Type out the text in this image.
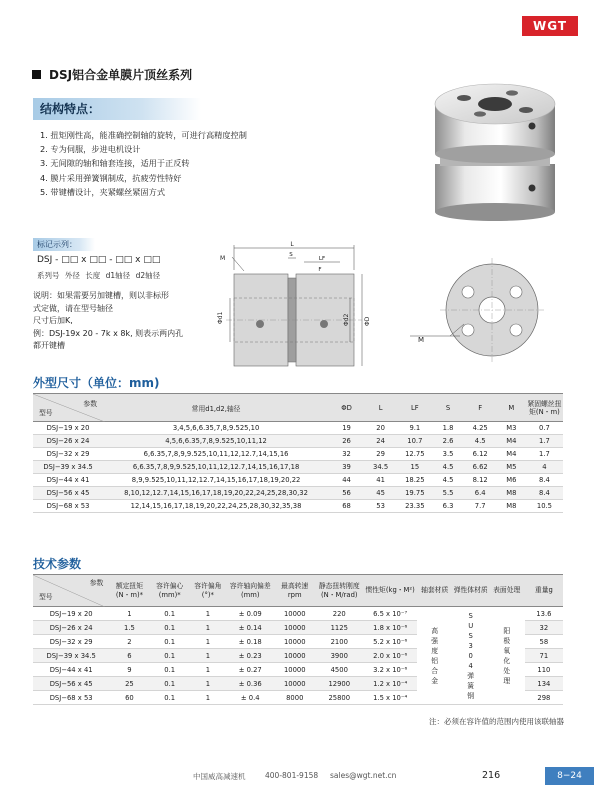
WGT
DSJ铝合金单膜片顶丝系列
结构特点：
1. 扭矩刚性高，能准确控制轴的旋转，可进行高精度控制
2. 专为伺服，步进电机设计
3. 无间隙的轴和轴套连接，适用于正反转
4. 膜片采用弹簧钢制成，抗疲劳性特好
5. 带键槽设计，夹紧螺丝紧固方式
标记示列：
DSJ - □□ x □□ - □□ x □□
系列号 外径 长度 d1轴径 d2轴径
说明：如果需要另加键槽，则以非标形
式定做，请在型号轴径
尺寸后加K,
例：DSJ-19x 20 - 7k x 8k, 则表示两内孔
都开键槽
L
S
LF
F
M
Φd1	Φd2 ΦD
M
外型尺寸（单位：mm)
参数
型号	常用d1,d2,轴径	ΦD	L	LF	S	F	M	紧固螺丝扭矩(N・m)
DSJ−19 x 20	3,4,5,6,6.35,7,8,9.525,10	19	20	9.1	1.8	4.25	M3	0.7
DSJ−26 x 24	4,5,6,6.35,7,8,9.525,10,11,12	26	24	10.7	2.6	4.5	M4	1.7
DSJ−32 x 29	6,6.35,7,8,9,9.525,10,11,12,12.7,14,15,16	32	29	12.75	3.5	6.12	M4	1.7
DSJ−39 x 34.5	6,6.35,7,8,9,9.525,10,11,12,12.7,14,15,16,17,18	39	34.5	15	4.5	6.62	M5	4
DSJ−44 x 41	8,9,9.525,10,11,12,12.7,14,15,16,17,18,19,20,22	44	41	18.25	4.5	8.12	M6	8.4
DSJ−56 x 45	8,10,12,12.7,14,15,16,17,18,19,20,22,24,25,28,30,32	56	45	19.75	5.5	6.4	M8	8.4
DSJ−68 x 53	12,14,15,16,17,18,19,20,22,24,25,28,30,32,35,38	68	53	23.35	6.3	7.7	M8	10.5
技术参数
参数
型号	额定扭矩(N・m)*	容许偏心(mm)*	容许偏角(°)*	容许轴向偏差(mm)	最高转速rpm	静态扭转刚度(N・M/rad)	惯性矩(kg・M²)	轴套材质	弹性体材质	表面处理	重量g
DSJ−19 x 20	1	0.1	1	± 0.09	10000	220	6.5 x 10⁻⁷	高强度铝合金	SUS304弹簧钢	阳极氧化处理	13.6
DSJ−26 x 24	1.5	0.1	1	± 0.14	10000	1125	1.8 x 10⁻⁶				32
DSJ−32 x 29	2	0.1	1	± 0.18	10000	2100	5.2 x 10⁻⁶				58
DSJ−39 x 34.5	6	0.1	1	± 0.23	10000	3900	2.0 x 10⁻⁶				71
DSJ−44 x 41	9	0.1	1	± 0.27	10000	4500	3.2 x 10⁻⁶				110
DSJ−56 x 45	25	0.1	1	± 0.36	10000	12900	1.2 x 10⁻⁴				134
DSJ−68 x 53	60	0.1	1	± 0.4	8000	25800	1.5 x 10⁻⁴				298
注：必须在容许值的范围内使用该联轴器
中国威高减速机	400-801-9158 sales@wgt.net.cn	216	8−24
